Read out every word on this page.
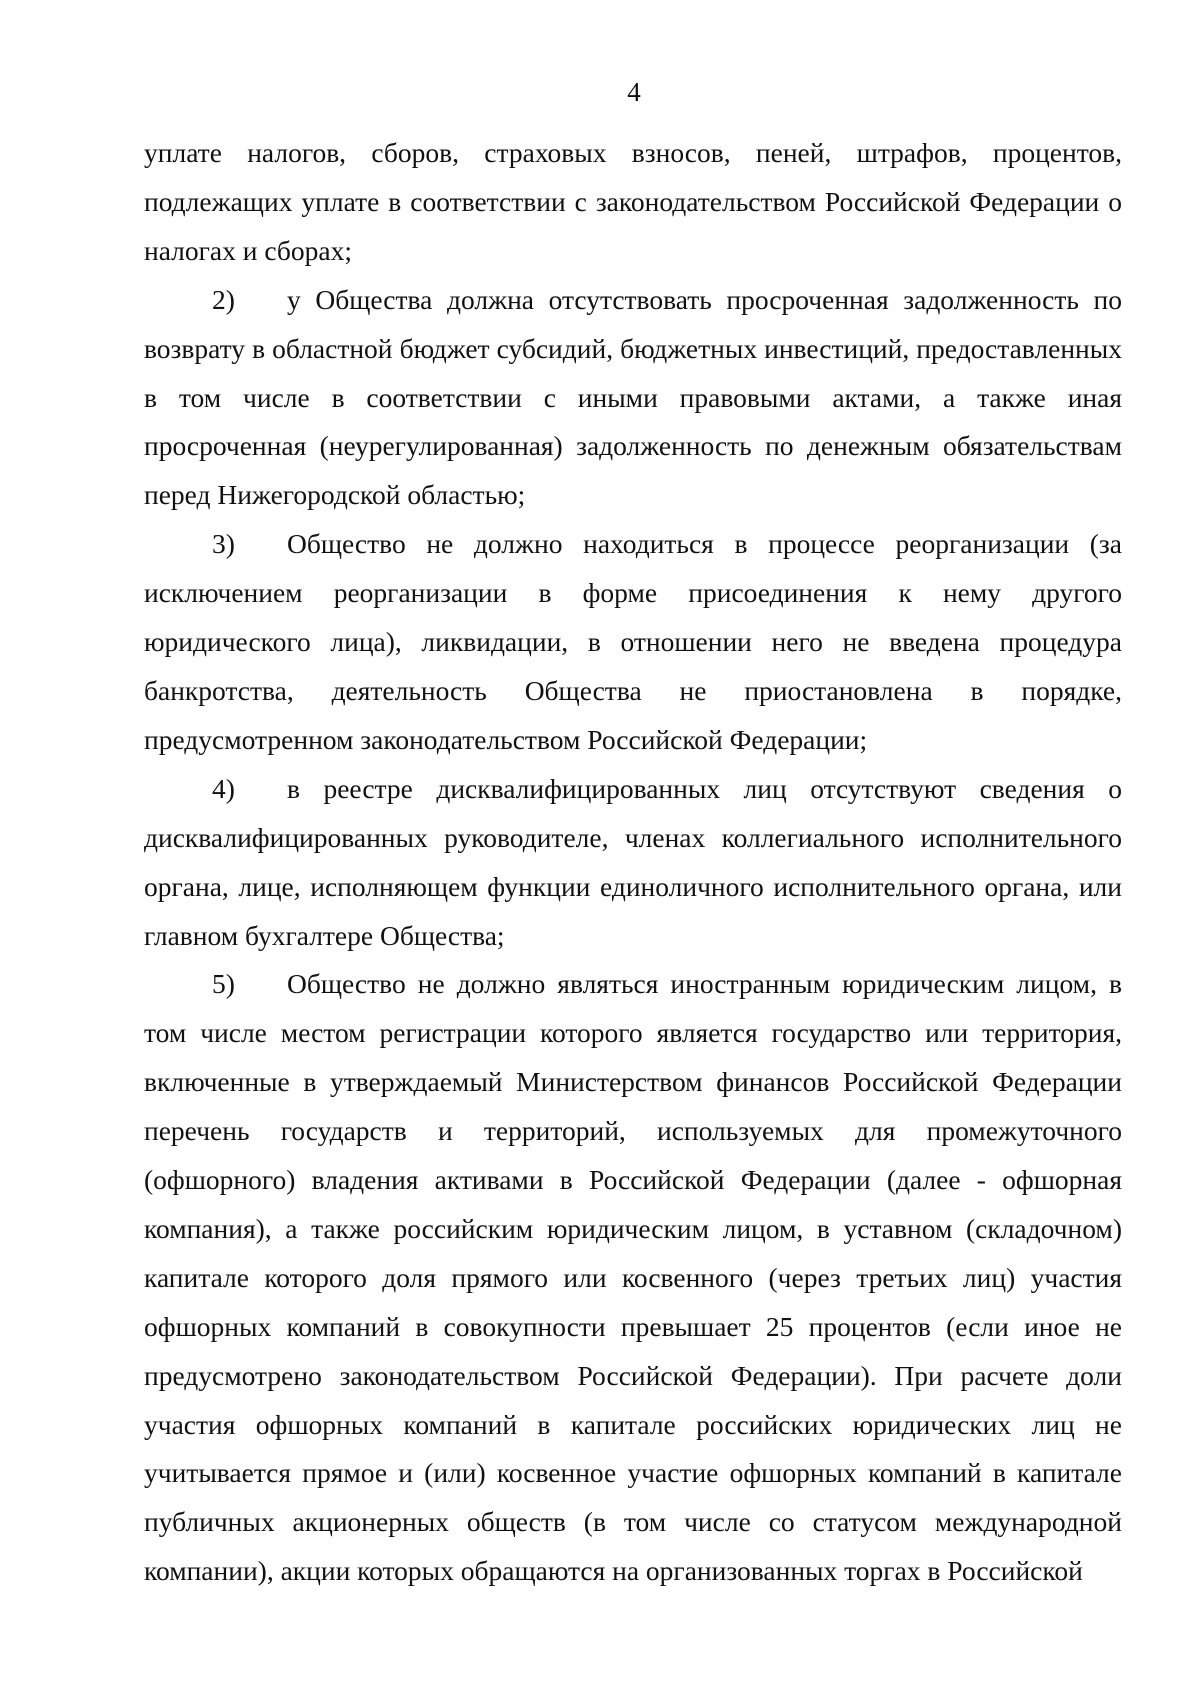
4

уплате налогов, сборов, страховых взносов, пеней, штрафов, процентов, подлежащих уплате в соответствии с законодательством Российской Федерации о налогах и сборах;

2) у Общества должна отсутствовать просроченная задолженность по возврату в областной бюджет субсидий, бюджетных инвестиций, предоставленных в том числе в соответствии с иными правовыми актами, а также иная просроченная (неурегулированная) задолженность по денежным обязательствам перед Нижегородской областью;

3) Общество не должно находиться в процессе реорганизации (за исключением реорганизации в форме присоединения к нему другого юридического лица), ликвидации, в отношении него не введена процедура банкротства, деятельность Общества не приостановлена в порядке, предусмотренном законодательством Российской Федерации;

4) в реестре дисквалифицированных лиц отсутствуют сведения о дисквалифицированных руководителе, членах коллегиального исполнительного органа, лице, исполняющем функции единоличного исполнительного органа, или главном бухгалтере Общества;

5) Общество не должно являться иностранным юридическим лицом, в том числе местом регистрации которого является государство или территория, включенные в утверждаемый Министерством финансов Российской Федерации перечень государств и территорий, используемых для промежуточного (офшорного) владения активами в Российской Федерации (далее - офшорная компания), а также российским юридическим лицом, в уставном (складочном) капитале которого доля прямого или косвенного (через третьих лиц) участия офшорных компаний в совокупности превышает 25 процентов (если иное не предусмотрено законодательством Российской Федерации). При расчете доли участия офшорных компаний в капитале российских юридических лиц не учитывается прямое и (или) косвенное участие офшорных компаний в капитале публичных акционерных обществ (в том числе со статусом международной компании), акции которых обращаются на организованных торгах в Российской
